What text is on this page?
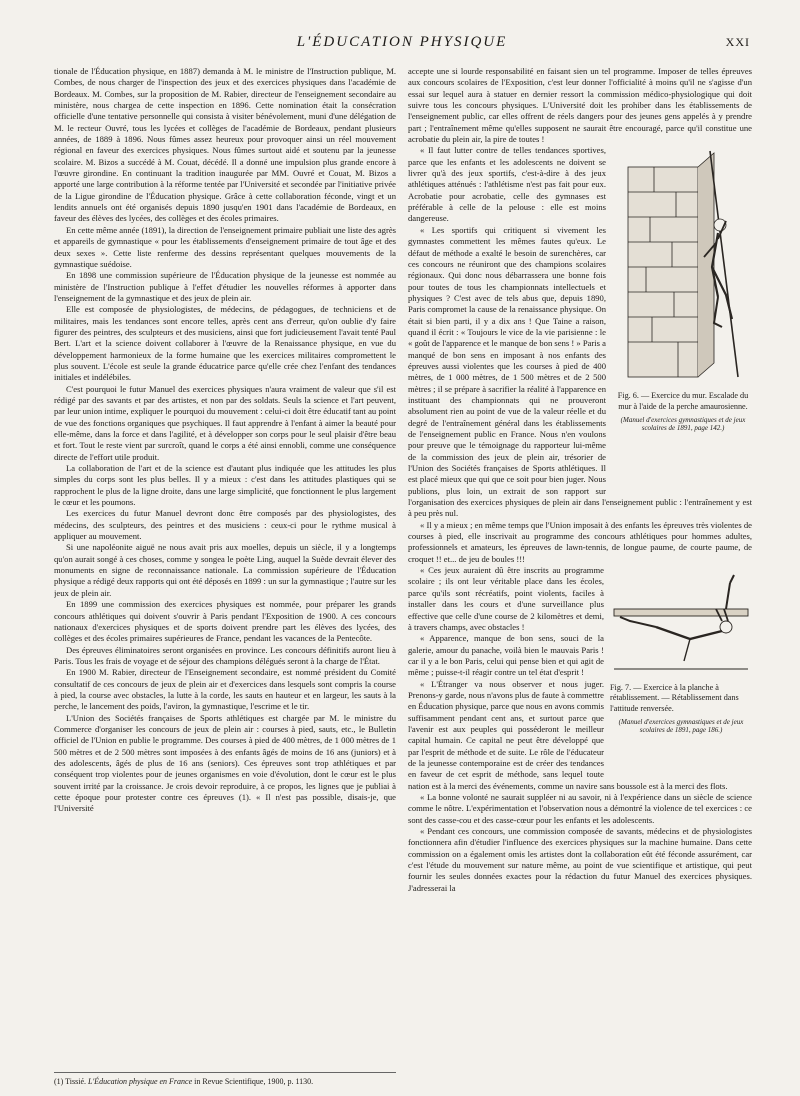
L'ÉDUCATION PHYSIQUE	XXI

tionale de l'Éducation physique, en 1887) demanda à M. le ministre de l'Instruction publique, M. Combes, de nous charger de l'inspection des jeux et des exercices physiques dans l'académie de Bordeaux. M. Combes, sur la proposition de M. Rabier, directeur de l'enseignement secondaire au ministère, nous chargea de cette inspection en 1896. Cette nomination était la consécration officielle d'une tentative personnelle qui consista à visiter bénévolement, muni d'une délégation de M. le recteur Ouvré, tous les lycées et collèges de l'académie de Bordeaux, pendant plusieurs années, de 1889 à 1896. Nous fûmes assez heureux pour provoquer ainsi un réel mouvement régional en faveur des exercices physiques. Nous fûmes surtout aidé et soutenu par la jeunesse scolaire. M. Bizos a succédé à M. Couat, décédé. Il a donné une impulsion plus grande encore à l'œuvre girondine. En continuant la tradition inaugurée par MM. Ouvré et Couat, M. Bizos a apporté une large contribution à la réforme tentée par l'Université et secondée par l'initiative privée de la Ligue girondine de l'Éducation physique. Grâce à cette collaboration féconde, vingt et un lendits annuels ont été organisés depuis 1890 jusqu'en 1901 dans l'académie de Bordeaux, en faveur des élèves des lycées, des collèges et des écoles primaires.

En cette même année (1891), la direction de l'enseignement primaire publiait une liste des agrès et appareils de gymnastique « pour les établissements d'enseignement primaire de tout âge et des deux sexes ». Cette liste renferme des dessins représentant quelques mouvements de la gymnastique suédoise.

En 1898 une commission supérieure de l'Éducation physique de la jeunesse est nommée au ministère de l'Instruction publique à l'effet d'étudier les nouvelles réformes à apporter dans l'enseignement de la gymnastique et des jeux de plein air.

Elle est composée de physiologistes, de médecins, de pédagogues, de techniciens et de militaires, mais les tendances sont encore telles, après cent ans d'erreur, qu'on oublie d'y faire figurer des peintres, des sculpteurs et des musiciens, ainsi que fort judicieusement l'avait tenté Paul Bert. L'art et la science doivent collaborer à l'œuvre de la Renaissance physique, en vue du développement harmonieux de la forme humaine que les exercices militaires compromettent le plus souvent. L'école est seule la grande éducatrice parce qu'elle crée chez l'enfant des tendances initiales et indélébiles.

C'est pourquoi le futur Manuel des exercices physiques n'aura vraiment de valeur que s'il est rédigé par des savants et par des artistes, et non par des soldats. Seuls la science et l'art peuvent, par leur union intime, expliquer le pourquoi du mouvement : celui-ci doit être éducatif tant au point de vue des fonctions organiques que psychiques. Il faut apprendre à l'enfant à aimer la beauté pour elle-même, dans la force et dans l'agilité, et à développer son corps pour le seul plaisir d'être beau et fort. Tout le reste vient par surcroît, quand le corps a été ainsi ennobli, comme une conséquence directe de l'effort utile produit.

La collaboration de l'art et de la science est d'autant plus indiquée que les attitudes les plus simples du corps sont les plus belles. Il y a mieux : c'est dans les attitudes plastiques qui se rapprochent le plus de la ligne droite, dans une large simplicité, que fonctionnent le plus largement le cœur et les poumons.

Les exercices du futur Manuel devront donc être composés par des physiologistes, des médecins, des sculpteurs, des peintres et des musiciens : ceux-ci pour le rythme musical à appliquer au mouvement.

Si une napoléonite aiguë ne nous avait pris aux moelles, depuis un siècle, il y a longtemps qu'on aurait songé à ces choses, comme y songea le poète Ling, auquel la Suède devrait élever des monuments en signe de reconnaissance nationale. La commission supérieure de l'Éducation physique a rédigé deux rapports qui ont été déposés en 1899 : un sur la gymnastique ; l'autre sur les jeux de plein air.

En 1899 une commission des exercices physiques est nommée, pour préparer les grands concours athlétiques qui doivent s'ouvrir à Paris pendant l'Exposition de 1900. A ces concours nationaux d'exercices physiques et de sports doivent prendre part les élèves des lycées, des collèges et des écoles primaires supérieures de France, pendant les vacances de la Pentecôte.

Des épreuves éliminatoires seront organisées en province. Les concours définitifs auront lieu à Paris. Tous les frais de voyage et de séjour des champions délégués seront à la charge de l'État.

En 1900 M. Rabier, directeur de l'Enseignement secondaire, est nommé président du Comité consultatif de ces concours de jeux de plein air et d'exercices dans lesquels sont compris la course à pied, la course avec obstacles, la lutte à la corde, les sauts en hauteur et en largeur, les sauts à la perche, le lancement des poids, l'aviron, la gymnastique, l'escrime et le tir.

L'Union des Sociétés françaises de Sports athlétiques est chargée par M. le ministre du Commerce d'organiser les concours de jeux de plein air : courses à pied, sauts, etc., le Bulletin officiel de l'Union en publie le programme. Des courses à pied de 400 mètres, de 1 000 mètres de 1 500 mètres et de 2 500 mètres sont imposées à des enfants âgés de moins de 16 ans (juniors) et à des adolescents, âgés de plus de 16 ans (seniors). Ces épreuves sont trop athlétiques et par conséquent trop violentes pour de jeunes organismes en voie d'évolution, dont le cœur est le plus souvent irrité par la croissance. Je crois devoir reproduire, à ce propos, les lignes que je publiai à cette époque pour protester contre ces épreuves (1). « Il n'est pas possible, disais-je, que l'Université

accepte une si lourde responsabilité en faisant sien un tel programme. Imposer de telles épreuves aux concours scolaires de l'Exposition, c'est leur donner l'officialité à moins qu'il ne s'agisse d'un essai sur lequel aura à statuer en dernier ressort la commission médico-physiologique qui doit suivre tous les concours physiques. L'Université doit les prohiber dans les établissements de l'enseignement public, car elles offrent de réels dangers pour des jeunes gens appelés à y prendre part ; l'entraînement même qu'elles supposent ne saurait être encouragé, parce qu'il constitue une acrobatie du plein air, la pire de toutes !

Fig. 6. — Exercice du mur. Escalade du mur à l'aide de la perche amaurosienne.
(Manuel d'exercices gymnastiques et de jeux scolaires de 1891, page 142.)

« Il faut lutter contre de telles tendances sportives, parce que les enfants et les adolescents ne doivent se livrer qu'à des jeux sportifs, c'est-à-dire à des jeux athlétiques atténués : l'athlétisme n'est pas fait pour eux. Acrobatie pour acrobatie, celle des gymnases est préférable à celle de la pelouse : elle est moins dangereuse.

« Les sportifs qui critiquent si vivement les gymnastes commettent les mêmes fautes qu'eux. Le défaut de méthode a exalté le besoin de surenchères, car ces concours ne réuniront que des champions scolaires régionaux. Qui donc nous débarrassera une bonne fois pour toutes de tous les championnats intellectuels et physiques ? C'est avec de tels abus que, depuis 1890, Paris compromet la cause de la renaissance physique. On était si bien parti, il y a dix ans ! Que Taine a raison, quand il écrit : « Toujours le vice de la vie parisienne : le « goût de l'apparence et le manque de bon sens ! » Paris a manqué de bon sens en imposant à nos enfants des épreuves aussi violentes que les courses à pied de 400 mètres, de 1 000 mètres, de 1 500 mètres et de 2 500 mètres ; il se prépare à sacrifier la réalité à l'apparence en instituant des championnats qui ne prouveront absolument rien au point de vue de la valeur réelle et du degré de l'entraînement général dans les établissements de l'enseignement public en France. Nous n'en voulons pour preuve que le témoignage du rapporteur lui-même de la commission des jeux de plein air, trésorier de l'Union des Sociétés françaises de Sports athlétiques. Il est placé mieux que qui que ce soit pour bien juger. Nous publions, plus loin, un extrait de son rapport sur l'organisation des exercices physiques de plein air dans l'enseignement public : l'entraînement y est à peu près nul.

« Il y a mieux ; en même temps que l'Union imposait à des enfants les épreuves très violentes de courses à pied, elle inscrivait au programme des concours athlétiques pour hommes adultes, professionnels et amateurs, les épreuves de lawn-tennis, de longue paume, de courte paume, de croquet !! et... de jeu de boules !!!

Fig. 7. — Exercice à la planche à rétablissement. — Rétablissement dans l'attitude renversée.
(Manuel d'exercices gymnastiques et de jeux scolaires de 1891, page 186.)

« Ces jeux auraient dû être inscrits au programme scolaire ; ils ont leur véritable place dans les écoles, parce qu'ils sont récréatifs, point violents, faciles à installer dans les cours et d'une surveillance plus effective que celle d'une course de 2 kilomètres et demi, à travers champs, avec obstacles !

« Apparence, manque de bon sens, souci de la galerie, amour du panache, voilà bien le mauvais Paris ! car il y a le bon Paris, celui qui pense bien et qui agit de même ; puisse-t-il réagir contre un tel état d'esprit !

« L'Étranger va nous observer et nous juger. Prenons-y garde, nous n'avons plus de faute à commettre en Éducation physique, parce que nous en avons commis suffisamment pendant cent ans, et surtout parce que l'avenir est aux peuples qui posséderont le meilleur capital humain. Ce capital ne peut être développé que par l'esprit de méthode et de suite. Le rôle de l'éducateur de la jeunesse contemporaine est de créer des tendances en faveur de cet esprit de méthode, sans lequel toute nation est à la merci des événements, comme un navire sans boussole est à la merci des flots.

« La bonne volonté ne saurait suppléer ni au savoir, ni à l'expérience dans un siècle de science comme le nôtre. L'expérimentation et l'observation nous a démontré la violence de tel exercices : ce sont des casse-cou et des casse-cœur pour les enfants et les adolescents.

« Pendant ces concours, une commission composée de savants, médecins et de physiologistes fonctionnera afin d'étudier l'influence des exercices physiques sur la machine humaine. Dans cette commission on a également omis les artistes dont la collaboration eût été féconde assurément, car c'est l'étude du mouvement sur nature même, au point de vue scientifique et artistique, qui peut fournir les seules données exactes pour la rédaction du futur Manuel des exercices physiques. J'adresserai la

(1) Tissié. L'Éducation physique en France in Revue Scientifique, 1900, p. 1130.
